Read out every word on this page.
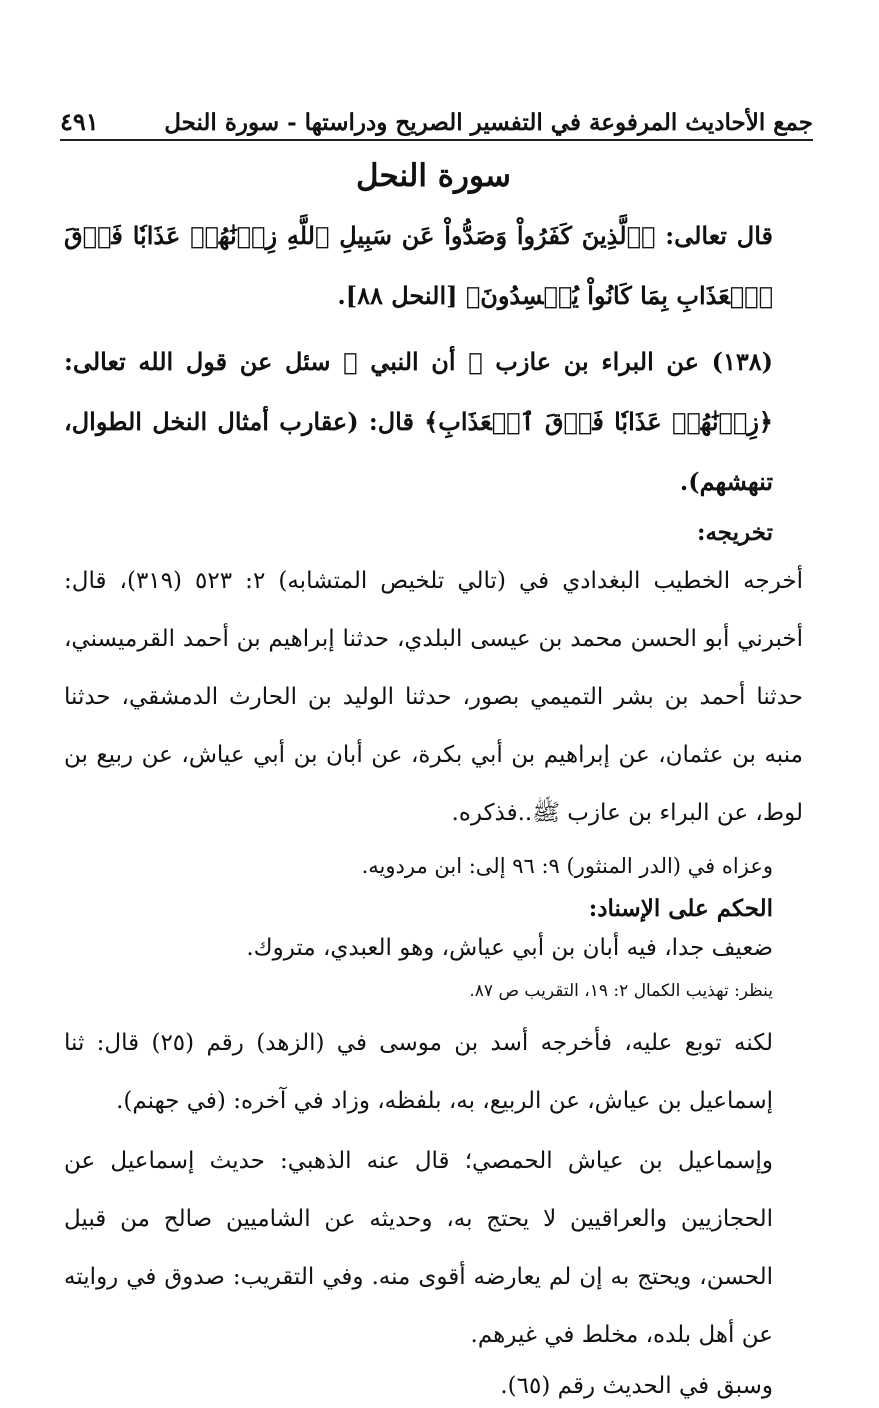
جمع الأحاديث المرفوعة في التفسير الصريح ودراستها - سورة النحل
٤٩١
سورة النحل

قال تعالى: ﴿ٱلَّذِينَ كَفَرُواْ وَصَدُّواْ عَن سَبِيلِ ٱللَّهِ زِدۡنَٰهُمۡ عَذَابٗا فَوۡقَ ٱلۡعَذَابِ بِمَا كَانُواْ يُفۡسِدُونَ﴾ [النحل ٨٨].

(١٣٨) عن البراء بن عازب ﷺ أن النبي ﷺ سئل عن قول الله تعالى: ﴿زِدۡنَٰهُمۡ عَذَابٗا فَوۡقَ ٱلۡعَذَابِ﴾ قال: (عقارب أمثال النخل الطوال، تنهشهم).

تخريجه:

أخرجه الخطيب البغدادي في (تالي تلخيص المتشابه) ٢: ٥٢٣ (٣١٩)، قال: أخبرني أبو الحسن محمد بن عيسى البلدي، حدثنا إبراهيم بن أحمد القرميسني، حدثنا أحمد بن بشر التميمي بصور، حدثنا الوليد بن الحارث الدمشقي، حدثنا منبه بن عثمان، عن إبراهيم بن أبي بكرة، عن أبان بن أبي عياش، عن ربيع بن لوط، عن البراء بن عازب ﷺ..فذكره.

وعزاه في (الدر المنثور) ٩: ٩٦ إلى: ابن مردويه.

الحكم على الإسناد:

ضعيف جدا، فيه أبان بن أبي عياش، وهو العبدي، متروك.

ينظر: تهذيب الكمال ٢: ١٩، التقريب ص ٨٧.

لكنه توبع عليه، فأخرجه أسد بن موسى في (الزهد) رقم (٢٥) قال: ثنا إسماعيل بن عياش، عن الربيع، به، بلفظه، وزاد في آخره: (في جهنم).

وإسماعيل بن عياش الحمصي؛ قال عنه الذهبي: حديث إسماعيل عن الحجازيين والعراقيين لا يحتج به، وحديثه عن الشاميين صالح من قبيل الحسن، ويحتج به إن لم يعارضه أقوى منه. وفي التقريب: صدوق في روايته عن أهل بلده، مخلط في غيرهم.

وسبق في الحديث رقم (٦٥).
